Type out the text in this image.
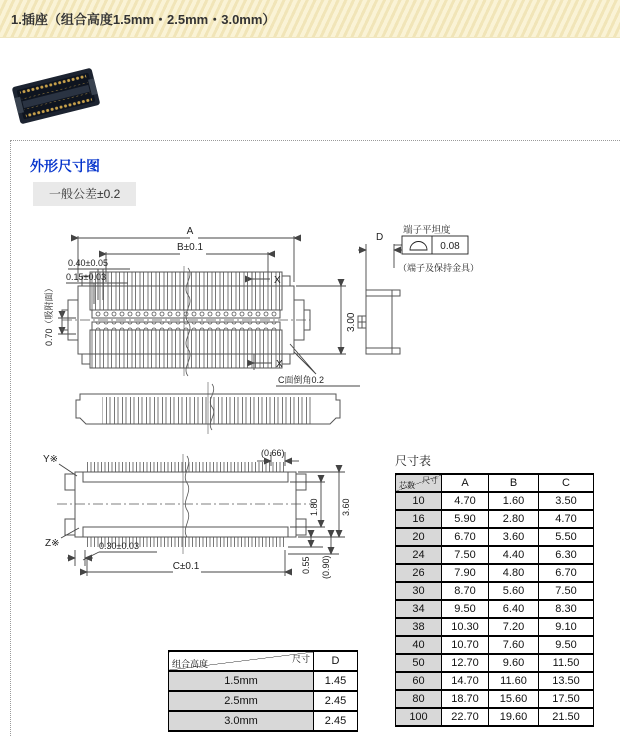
1.插座（组合高度1.5mm・2.5mm・3.0mm）
外形尺寸图
一般公差±0.2
A
B±0.1
0.40±0.05
0.15±0.03
0.70（吸附面）
X
X
3.00
C面倒角0.2
D
端子平坦度
0.08
（端子及保持金具）
Y※
Z※
(0.66)
1.80 3.60
0.55 (0.90)
0.30±0.03
C±0.1
尺寸表
尺寸
芯数	A	B	C
10	4.70	1.60	3.50
16	5.90	2.80	4.70
20	6.70	3.60	5.50
24	7.50	4.40	6.30
26	7.90	4.80	6.70
30	8.70	5.60	7.50
34	9.50	6.40	8.30
38	10.30	7.20	9.10
40	10.70	7.60	9.50
50	12.70	9.60	11.50
60	14.70	11.60	13.50
80	18.70	15.60	17.50
100	22.70	19.60	21.50
尺寸
组合高度	D
1.5mm	1.45
2.5mm	2.45
3.0mm	2.45
